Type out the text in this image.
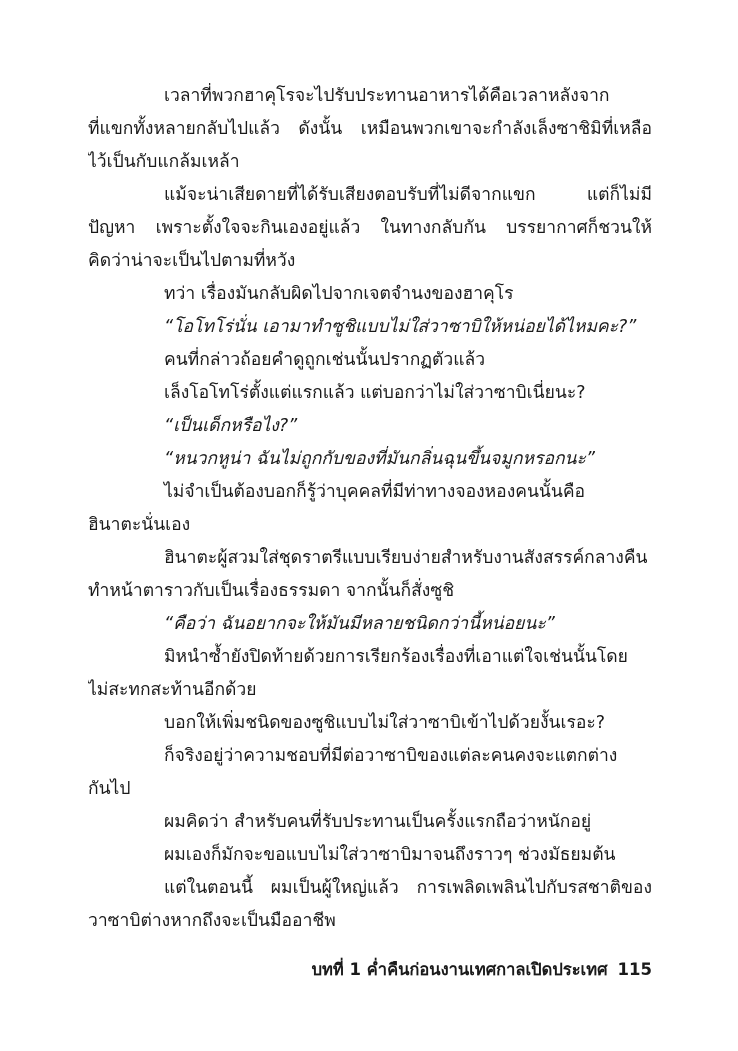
เวลาที่พวกฮาคุโรจะไปรับประทานอาหารได้คือเวลาหลังจาก
ที่แขกทั้งหลายกลับไปแล้ว ดังนั้น เหมือนพวกเขาจะกำลังเล็งซาชิมิที่เหลือ
ไว้เป็นกับแกล้มเหล้า
แม้จะน่าเสียดายที่ได้รับเสียงตอบรับที่ไม่ดีจากแขก แต่ก็ไม่มี
ปัญหา เพราะตั้งใจจะกินเองอยู่แล้ว ในทางกลับกัน บรรยากาศก็ชวนให้
คิดว่าน่าจะเป็นไปตามที่หวัง
ทว่า เรื่องมันกลับผิดไปจากเจตจำนงของฮาคุโร
“โอโทโร่นั่น เอามาทำซูชิแบบไม่ใส่วาซาบิให้หน่อยได้ไหมคะ?”
คนที่กล่าวถ้อยคำดูถูกเช่นนั้นปรากฏตัวแล้ว
เล็งโอโทโร่ตั้งแต่แรกแล้ว แต่บอกว่าไม่ใส่วาซาบิเนี่ยนะ?
“เป็นเด็กหรือไง?”
“หนวกหูน่า ฉันไม่ถูกกับของที่มันกลิ่นฉุนขึ้นจมูกหรอกนะ”
ไม่จำเป็นต้องบอกก็รู้ว่าบุคคลที่มีท่าทางจองหองคนนั้นคือ
ฮินาตะนั่นเอง
ฮินาตะผู้สวมใส่ชุดราตรีแบบเรียบง่ายสำหรับงานสังสรรค์กลางคืน
ทำหน้าตาราวกับเป็นเรื่องธรรมดา จากนั้นก็สั่งซูชิ
“คือว่า ฉันอยากจะให้มันมีหลายชนิดกว่านี้หน่อยนะ”
มิหนำซ้ำยังปิดท้ายด้วยการเรียกร้องเรื่องที่เอาแต่ใจเช่นนั้นโดย
ไม่สะทกสะท้านอีกด้วย
บอกให้เพิ่มชนิดของซูชิแบบไม่ใส่วาซาบิเข้าไปด้วยงั้นเรอะ?
ก็จริงอยู่ว่าความชอบที่มีต่อวาซาบิของแต่ละคนคงจะแตกต่าง
กันไป
ผมคิดว่า สำหรับคนที่รับประทานเป็นครั้งแรกถือว่าหนักอยู่
ผมเองก็มักจะขอแบบไม่ใส่วาซาบิมาจนถึงราวๆ ช่วงมัธยมต้น
แต่ในตอนนี้ ผมเป็นผู้ใหญ่แล้ว การเพลิดเพลินไปกับรสชาติของ
วาซาบิต่างหากถึงจะเป็นมืออาชีพ
บทที่ 1 ค่ำคืนก่อนงานเทศกาลเปิดประเทศ 115
